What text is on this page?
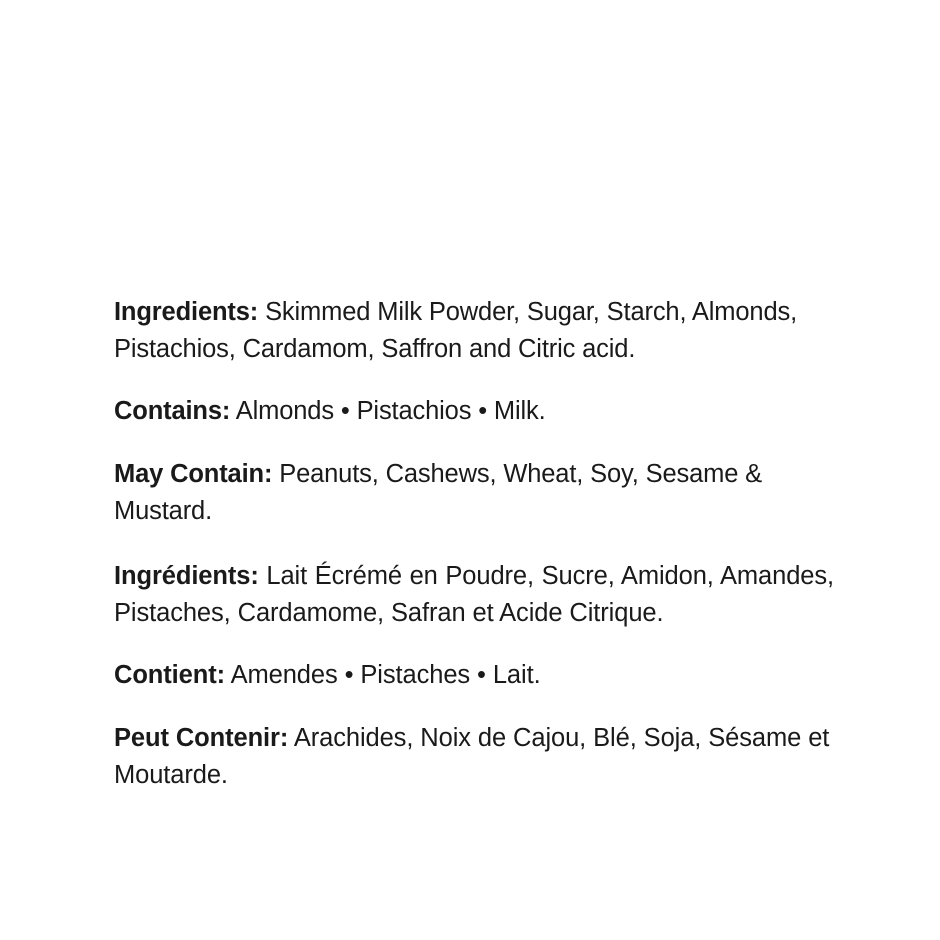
Ingredients: Skimmed Milk Powder, Sugar, Starch, Almonds, Pistachios, Cardamom, Saffron and Citric acid.

Contains: Almonds • Pistachios • Milk.

May Contain: Peanuts, Cashews, Wheat, Soy, Sesame & Mustard.

Ingrédients: Lait Écrémé en Poudre, Sucre, Amidon, Amandes, Pistaches, Cardamome, Safran et Acide Citrique.

Contient: Amendes • Pistaches • Lait.

Peut Contenir: Arachides, Noix de Cajou, Blé, Soja, Sésame et Moutarde.
